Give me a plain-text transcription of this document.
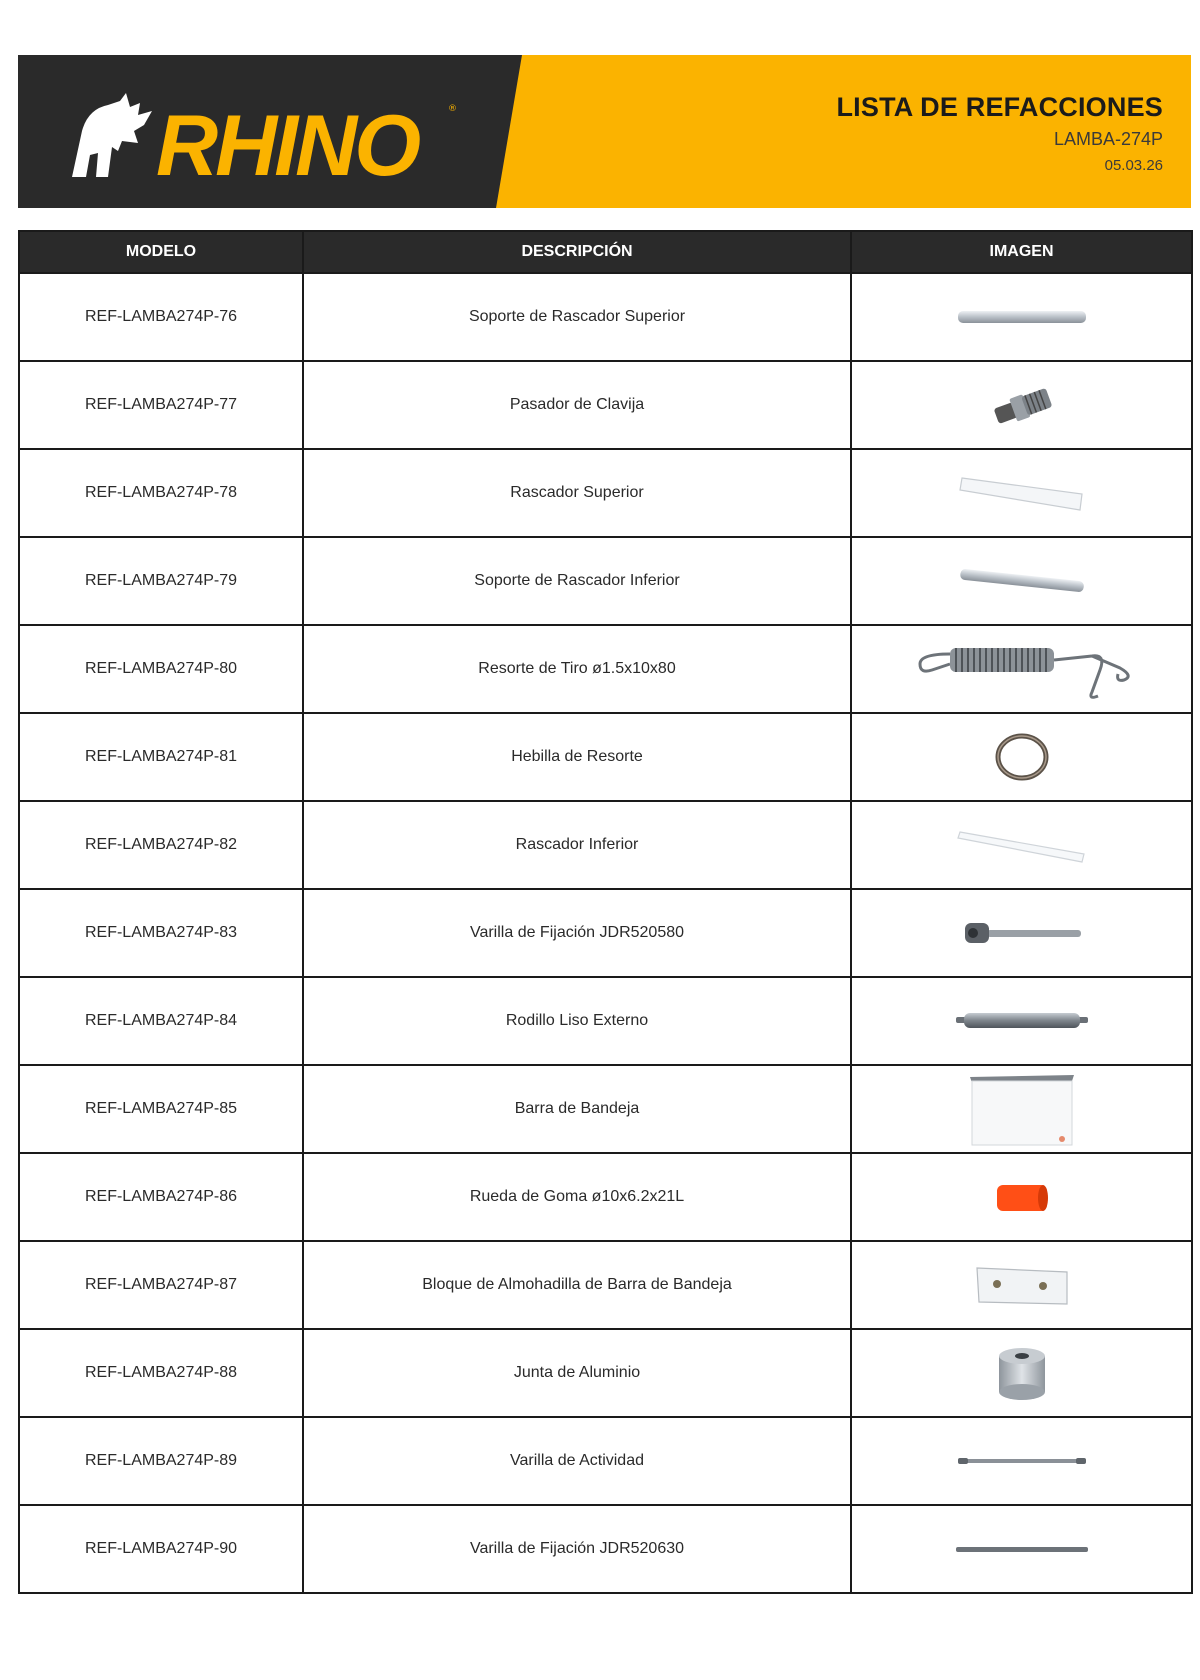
RHINO	®	LISTA DE REFACCIONES
LAMBA-274P
05.03.26
MODELO	DESCRIPCIÓN	IMAGEN
REF-LAMBA274P-76	Soporte de Rascador Superior	

REF-LAMBA274P-77	Pasador de Clavija	

REF-LAMBA274P-78	Rascador Superior	

REF-LAMBA274P-79	Soporte de Rascador Inferior	

REF-LAMBA274P-80	Resorte de Tiro ø1.5x10x80	

REF-LAMBA274P-81	Hebilla de Resorte	

REF-LAMBA274P-82	Rascador Inferior	

REF-LAMBA274P-83	Varilla de Fijación JDR520580	

REF-LAMBA274P-84	Rodillo Liso Externo	

REF-LAMBA274P-85	Barra de Bandeja	

REF-LAMBA274P-86	Rueda de Goma ø10x6.2x21L	

REF-LAMBA274P-87	Bloque de Almohadilla de Barra de Bandeja	

REF-LAMBA274P-88	Junta de Aluminio	

REF-LAMBA274P-89	Varilla de Actividad	

REF-LAMBA274P-90	Varilla de Fijación JDR520630	
